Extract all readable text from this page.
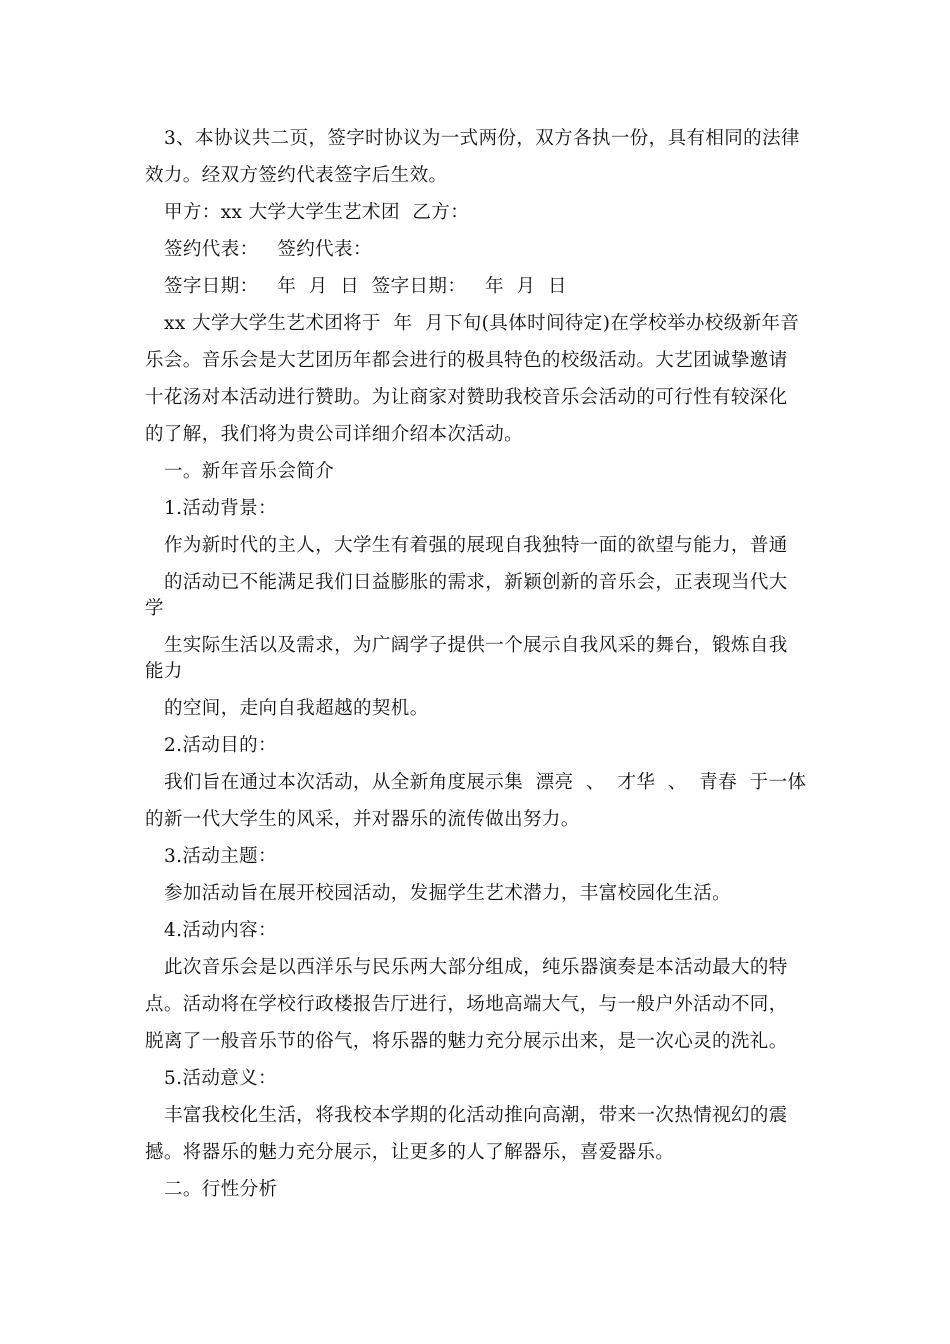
3、本协议共二页，签字时协议为一式两份，双方各执一份，具有相同的法律
效力。经双方签约代表签字后生效。
甲方：xx 大学大学生艺术团  乙方：
签约代表：   签约代表：
签字日期：   年  月  日  签字日期：   年  月  日
xx 大学大学生艺术团将于  年  月下旬(具体时间待定)在学校举办校级新年音
乐会。音乐会是大艺团历年都会进行的极具特色的校级活动。大艺团诚挚邀请
十花汤对本活动进行赞助。为让商家对赞助我校音乐会活动的可行性有较深化
的了解，我们将为贵公司详细介绍本次活动。
一。新年音乐会简介
1.活动背景：
作为新时代的主人，大学生有着强的展现自我独特一面的欲望与能力，普通
的活动已不能满足我们日益膨胀的需求，新颖创新的音乐会，正表现当代大
学
生实际生活以及需求，为广阔学子提供一个展示自我风采的舞台，锻炼自我
能力
的空间，走向自我超越的契机。
2.活动目的：
我们旨在通过本次活动，从全新角度展示集  漂亮  、  才华  、  青春  于一体
的新一代大学生的风采，并对器乐的流传做出努力。
3.活动主题：
参加活动旨在展开校园活动，发掘学生艺术潜力，丰富校园化生活。
4.活动内容：
此次音乐会是以西洋乐与民乐两大部分组成，纯乐器演奏是本活动最大的特
点。活动将在学校行政楼报告厅进行，场地高端大气，与一般户外活动不同，
脱离了一般音乐节的俗气，将乐器的魅力充分展示出来，是一次心灵的洗礼。
5.活动意义：
丰富我校化生活，将我校本学期的化活动推向高潮，带来一次热情视幻的震
撼。将器乐的魅力充分展示，让更多的人了解器乐，喜爱器乐。
二。行性分析
